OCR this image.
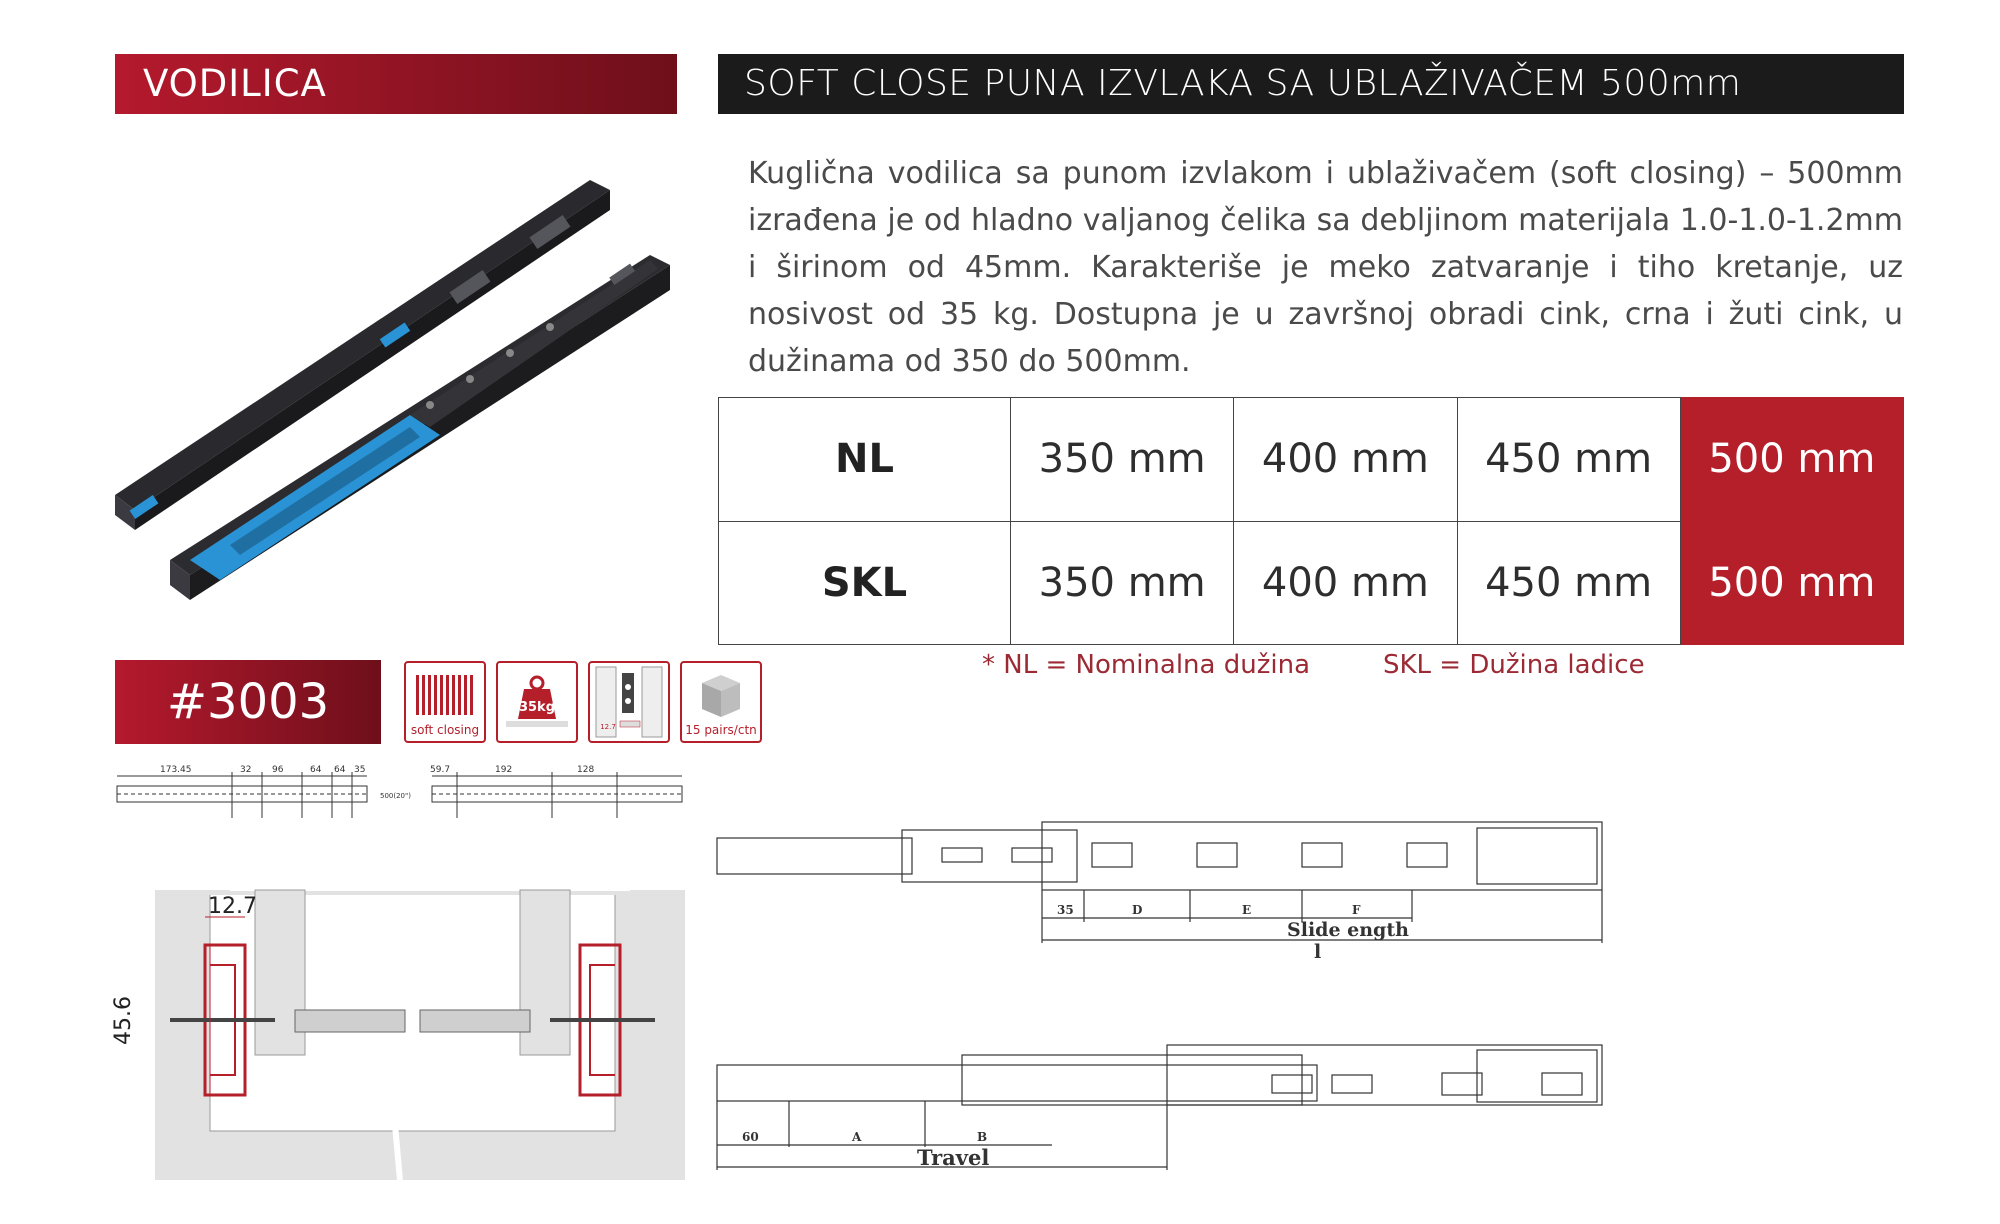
VODILICA	SOFT CLOSE PUNA IZVLAKA SA UBLAŽIVAČEM 500mm
Kuglična vodilica sa punom izvlakom i ublaživačem (soft closing) – 500mm izrađena je od hladno valjanog čelika sa debljinom materijala 1.0-1.0-1.2mm i širinom od 45mm. Karakteriše je meko zatvaranje i tiho kretanje, uz nosivost od 35 kg. Dostupna je u završnoj obradi cink, crna i žuti cink, u dužinama od 350 do 500mm.
NL	350 mm	400 mm	450 mm	500 mm
SKL	350 mm	400 mm	450 mm	500 mm
* NL = Nominalna dužina	SKL = Dužina ladice
#3003	soft closing
35kg
12.7	15 pairs/ctn
173.45	32 96	64 64 35	59.7	192	128
500(20")
12.7
45.6
35	D	E	F
Slide ength
l
60	A	B
Travel
